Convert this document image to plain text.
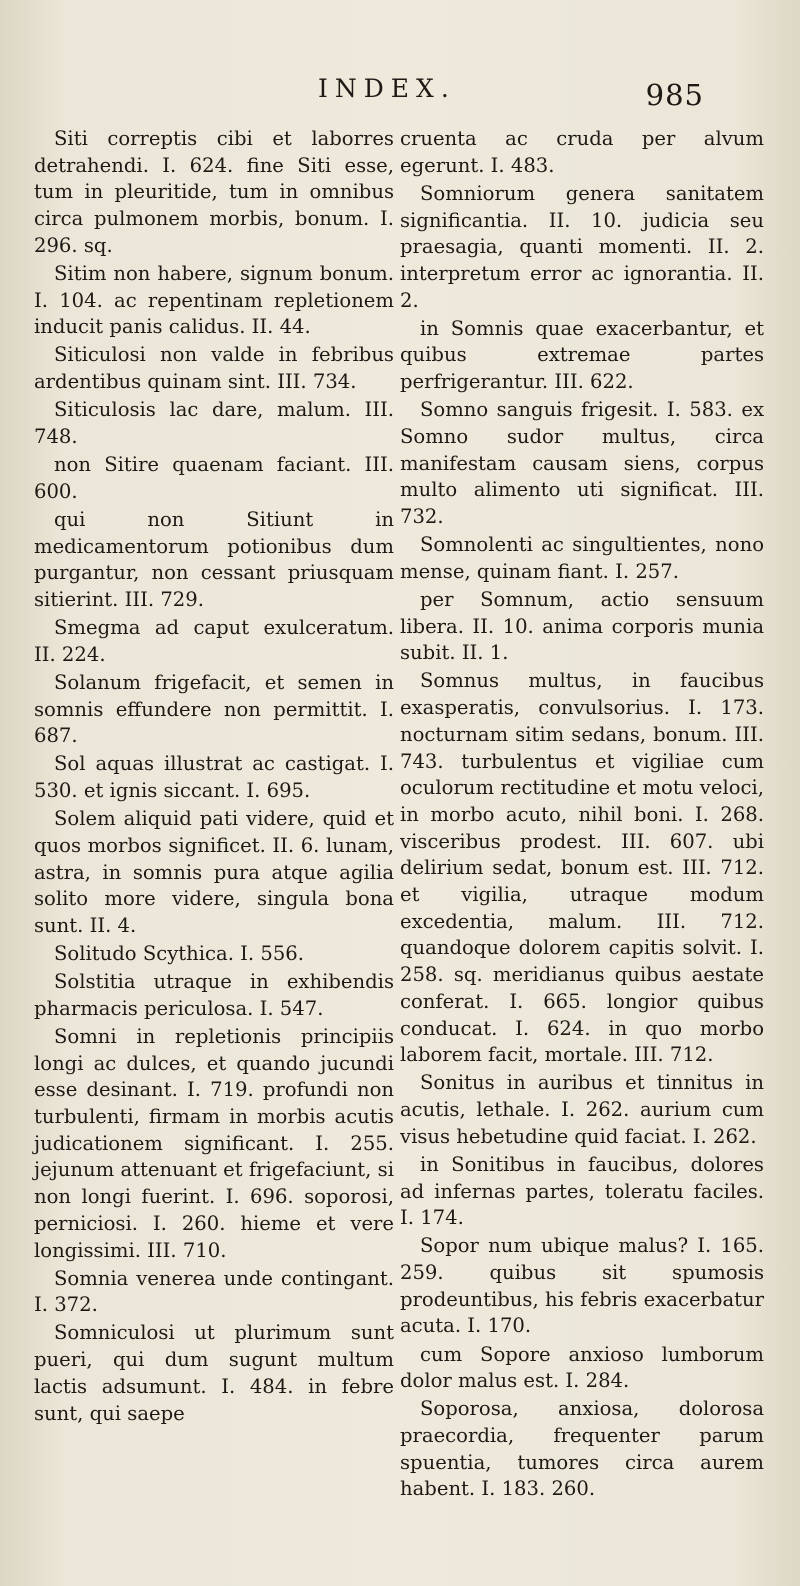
INDEX.	985

Siti correptis cibi et laborres detrahendi. I. 624. fine Siti esse, tum in pleuritide, tum in omnibus circa pulmonem morbis, bonum. I. 296. sq.

Sitim non habere, signum bonum. I. 104. ac repentinam repletionem inducit panis calidus. II. 44.

Siticulosi non valde in febribus ardentibus quinam sint. III. 734.

Siticulosis lac dare, malum. III. 748.

non Sitire quaenam faciant. III. 600.

qui non Sitiunt in medicamentorum potionibus dum purgantur, non cessant priusquam sitierint. III. 729.

Smegma ad caput exulceratum. II. 224.

Solanum frigefacit, et semen in somnis effundere non permittit. I. 687.

Sol aquas illustrat ac castigat. I. 530. et ignis siccant. I. 695.

Solem aliquid pati videre, quid et quos morbos significet. II. 6. lunam, astra, in somnis pura atque agilia solito more videre, singula bona sunt. II. 4.

Solitudo Scythica. I. 556.

Solstitia utraque in exhibendis pharmacis periculosa. I. 547.

Somni in repletionis principiis longi ac dulces, et quando jucundi esse desinant. I. 719. profundi non turbulenti, firmam in morbis acutis judicationem significant. I. 255. jejunum attenuant et frigefaciunt, si non longi fuerint. I. 696. soporosi, perniciosi. I. 260. hieme et vere longissimi. III. 710.

Somnia venerea unde contingant. I. 372.

Somniculosi ut plurimum sunt pueri, qui dum sugunt multum lactis adsumunt. I. 484. in febre sunt, qui saepe

cruenta ac cruda per alvum egerunt. I. 483.

Somniorum genera sanitatem significantia. II. 10. judicia seu praesagia, quanti momenti. II. 2. interpretum error ac ignorantia. II. 2.

in Somnis quae exacerbantur, et quibus extremae partes perfrigerantur. III. 622.

Somno sanguis frigesit. I. 583. ex Somno sudor multus, circa manifestam causam siens, corpus multo alimento uti significat. III. 732.

Somnolenti ac singultientes, nono mense, quinam fiant. I. 257.

per Somnum, actio sensuum libera. II. 10. anima corporis munia subit. II. 1.

Somnus multus, in faucibus exasperatis, convulsorius. I. 173. nocturnam sitim sedans, bonum. III. 743. turbulentus et vigiliae cum oculorum rectitudine et motu veloci, in morbo acuto, nihil boni. I. 268. visceribus prodest. III. 607. ubi delirium sedat, bonum est. III. 712. et vigilia, utraque modum excedentia, malum. III. 712. quandoque dolorem capitis solvit. I. 258. sq. meridianus quibus aestate conferat. I. 665. longior quibus conducat. I. 624. in quo morbo laborem facit, mortale. III. 712.

Sonitus in auribus et tinnitus in acutis, lethale. I. 262. aurium cum visus hebetudine quid faciat. I. 262.

in Sonitibus in faucibus, dolores ad infernas partes, toleratu faciles. I. 174.

Sopor num ubique malus? I. 165. 259. quibus sit spumosis prodeuntibus, his febris exacerbatur acuta. I. 170.

cum Sopore anxioso lumborum dolor malus est. I. 284.

Soporosa, anxiosa, dolorosa praecordia, frequenter parum spuentia, tumores circa aurem habent. I. 183. 260.
